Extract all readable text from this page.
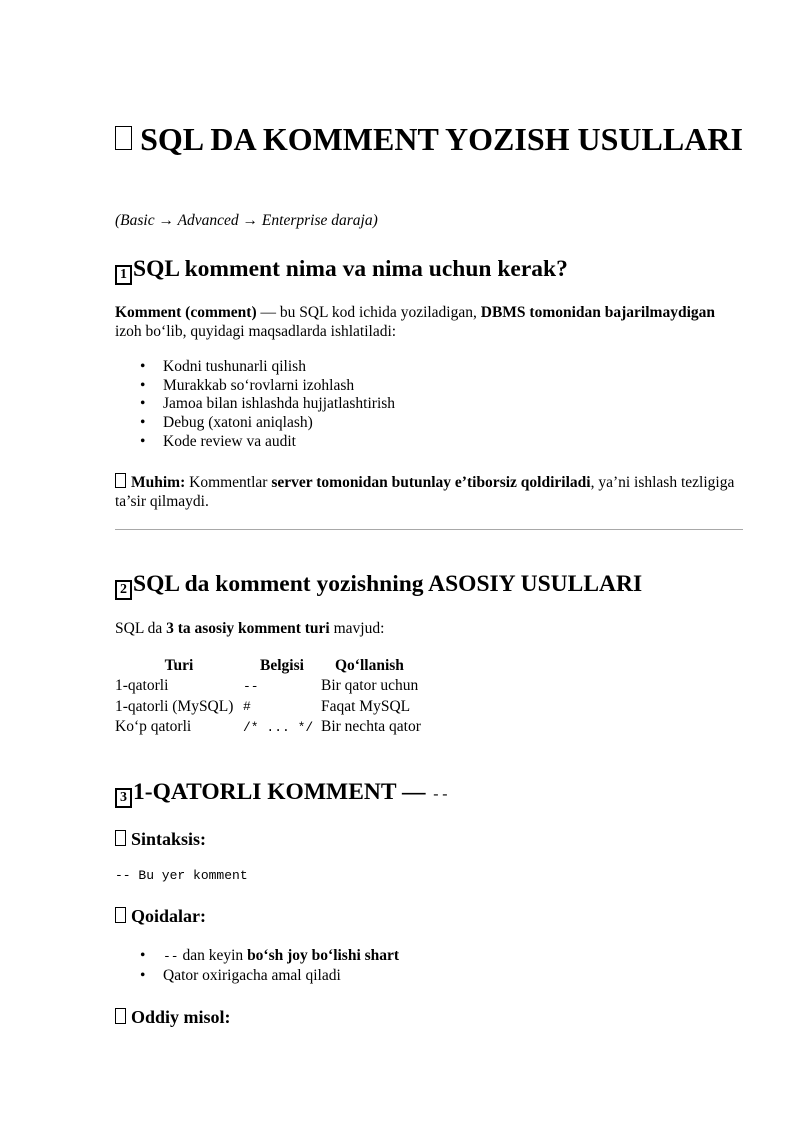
SQL DA KOMMENT YOZISH USULLARI
(Basic → Advanced → Enterprise daraja)
1 SQL komment nima va nima uchun kerak?

Komment (comment) — bu SQL kod ichida yoziladigan, DBMS tomonidan bajarilmaydigan izoh bo‘lib, quyidagi maqsadlarda ishlatiladi:

• Kodni tushunarli qilish
• Murakkab so‘rovlarni izohlash
• Jamoa bilan ishlashda hujjatlashtirish
• Debug (xatoni aniqlash)
• Kode review va audit

Muhim: Kommentlar server tomonidan butunlay e’tiborsiz qoldiriladi, ya’ni ishlash tezligiga ta’sir qilmaydi.

2 SQL da komment yozishning ASOSIY USULLARI

SQL da 3 ta asosiy komment turi mavjud:

Turi	Belgisi	Qo‘llanish
1-qatorli	--	Bir qator uchun
1-qatorli (MySQL)	#	Faqat MySQL
Ko‘p qatorli	/* ... */	Bir nechta qator
3 1-QATORLI KOMMENT — --
Sintaksis:
-- Bu yer komment
Qoidalar:
• -- dan keyin bo‘sh joy bo‘lishi shart
• Qator oxirigacha amal qiladi
Oddiy misol:
